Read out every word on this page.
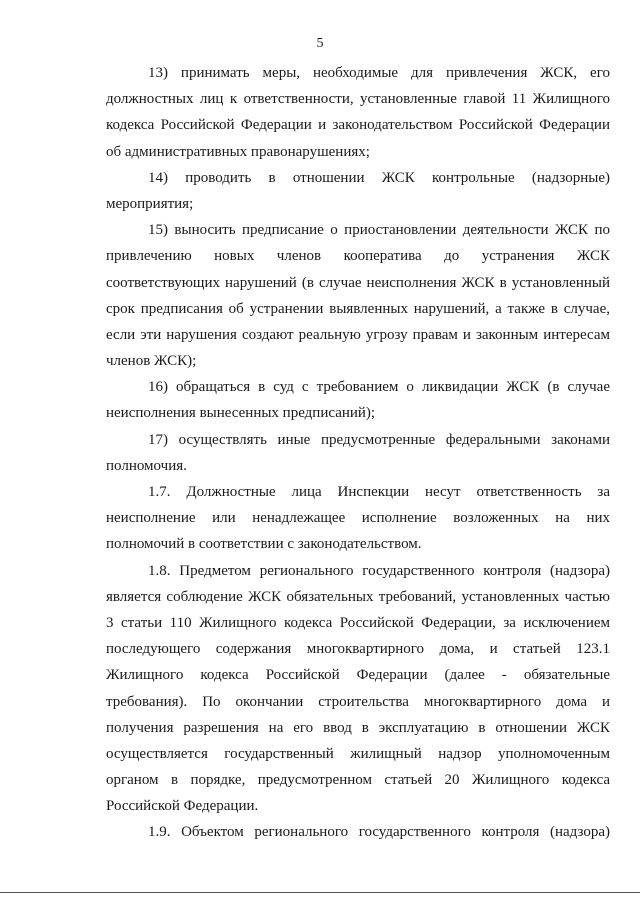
5
13) принимать меры, необходимые для привлечения ЖСК, его
должностных лиц к ответственности, установленные главой 11 Жилищного
кодекса Российской Федерации и законодательством Российской Федерации
об административных правонарушениях;
14) проводить в отношении ЖСК контрольные (надзорные)
мероприятия;
15) выносить предписание о приостановлении деятельности ЖСК по
привлечению новых членов кооператива до устранения ЖСК
соответствующих нарушений (в случае неисполнения ЖСК в установленный
срок предписания об устранении выявленных нарушений, а также в случае,
если эти нарушения создают реальную угрозу правам и законным интересам
членов ЖСК);
16) обращаться в суд с требованием о ликвидации ЖСК (в случае
неисполнения вынесенных предписаний);
17) осуществлять иные предусмотренные федеральными законами
полномочия.
1.7. Должностные лица Инспекции несут ответственность за
неисполнение или ненадлежащее исполнение возложенных на них
полномочий в соответствии с законодательством.
1.8. Предметом регионального государственного контроля (надзора)
является соблюдение ЖСК обязательных требований, установленных частью
3 статьи 110 Жилищного кодекса Российской Федерации, за исключением
последующего содержания многоквартирного дома, и статьей 123.1
Жилищного кодекса Российской Федерации (далее - обязательные
требования). По окончании строительства многоквартирного дома и
получения разрешения на его ввод в эксплуатацию в отношении ЖСК
осуществляется государственный жилищный надзор уполномоченным
органом в порядке, предусмотренном статьей 20 Жилищного кодекса
Российской Федерации.
1.9. Объектом регионального государственного контроля (надзора)
